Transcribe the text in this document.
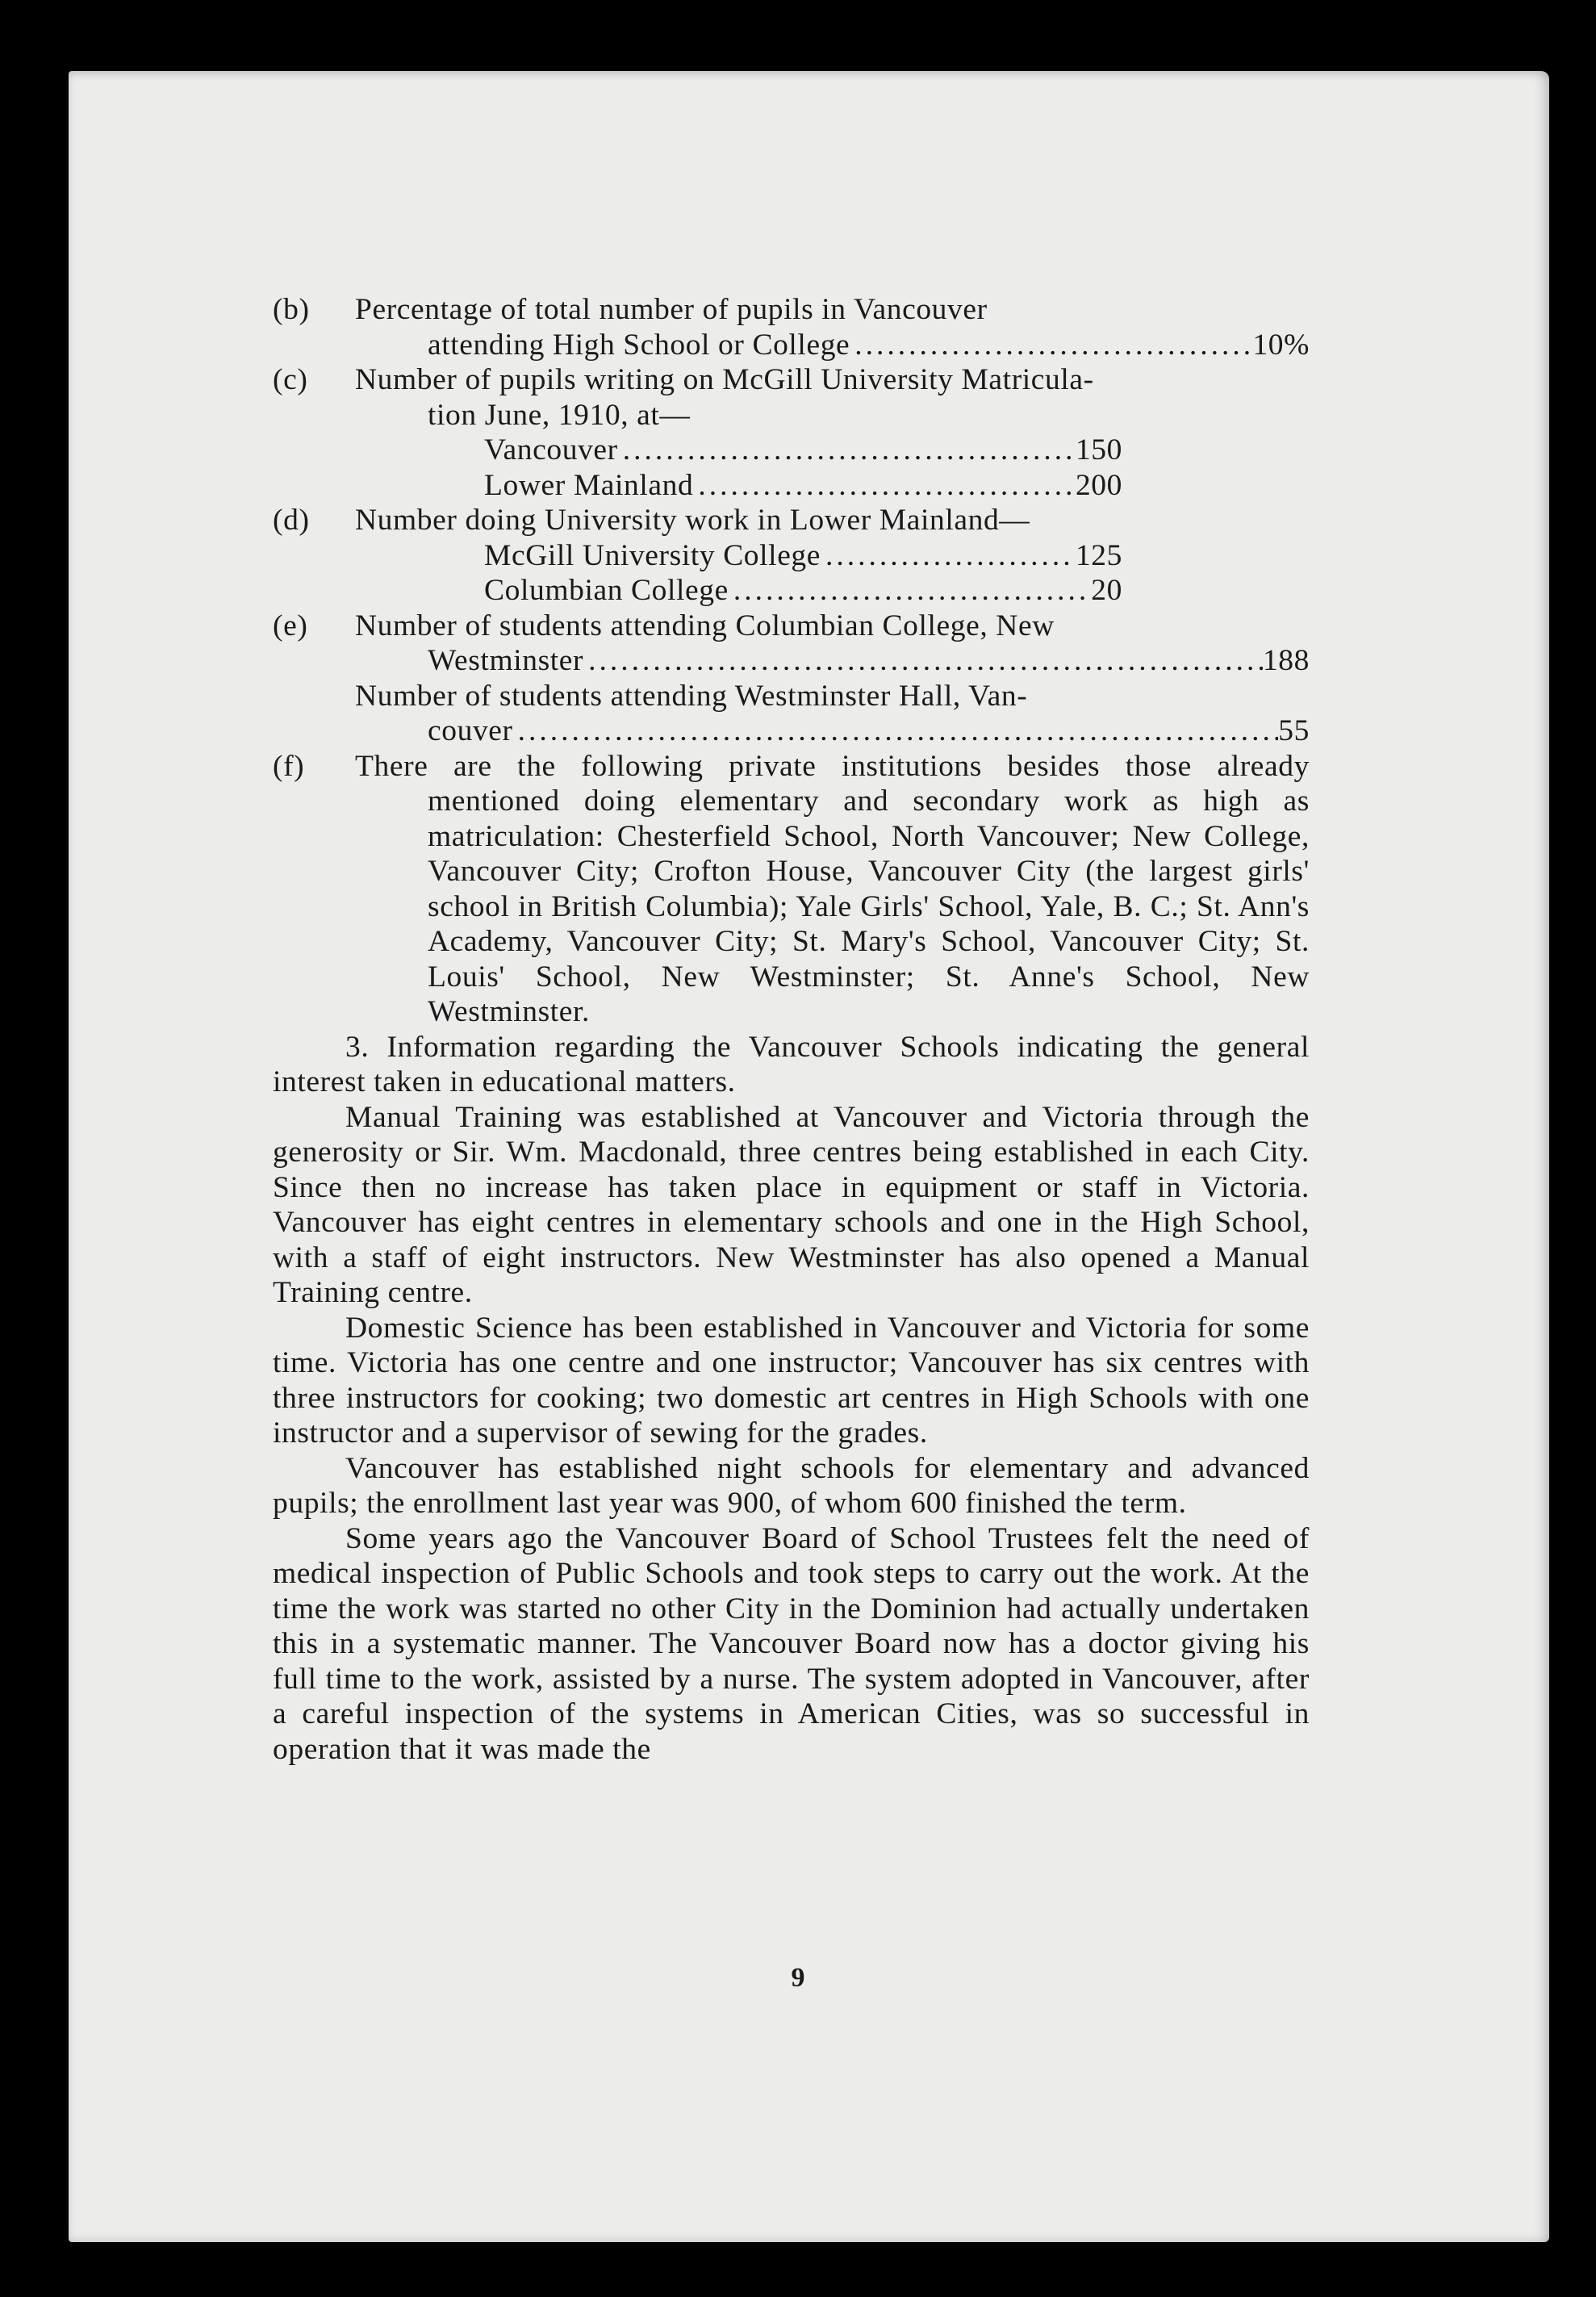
(b) Percentage of total number of pupils in Vancouver
attending High School or College .....	10%
(c) Number of pupils writing on McGill University Matricula-
tion June, 1910, at—
Vancouver .....	150
Lower Mainland .....	200
(d) Number doing University work in Lower Mainland—
McGill University College .....	125
Columbian College .....	20
(e) Number of students attending Columbian College, New
Westminster .....	188
Number of students attending Westminster Hall, Van-
couver .....	55
(f) There are the following private institutions besides those already mentioned doing elementary and secondary work as high as matriculation: Chesterfield School, North Vancouver; New College, Vancouver City; Crofton House, Vancouver City (the largest girls' school in British Columbia); Yale Girls' School, Yale, B. C.; St. Ann's Academy, Vancouver City; St. Mary's School, Vancouver City; St. Louis' School, New Westminster; St. Anne's School, New Westminster.

3. Information regarding the Vancouver Schools indicating the general interest taken in educational matters.

Manual Training was established at Vancouver and Victoria through the generosity or Sir. Wm. Macdonald, three centres being established in each City. Since then no increase has taken place in equipment or staff in Victoria. Vancouver has eight centres in elementary schools and one in the High School, with a staff of eight instructors. New Westminster has also opened a Manual Training centre.

Domestic Science has been established in Vancouver and Victoria for some time. Victoria has one centre and one instructor; Vancouver has six centres with three instructors for cooking; two domestic art centres in High Schools with one instructor and a supervisor of sewing for the grades.

Vancouver has established night schools for elementary and advanced pupils; the enrollment last year was 900, of whom 600 finished the term.

Some years ago the Vancouver Board of School Trustees felt the need of medical inspection of Public Schools and took steps to carry out the work. At the time the work was started no other City in the Dominion had actually undertaken this in a systematic manner. The Vancouver Board now has a doctor giving his full time to the work, assisted by a nurse. The system adopted in Vancouver, after a careful inspection of the systems in American Cities, was so successful in operation that it was made the

9
